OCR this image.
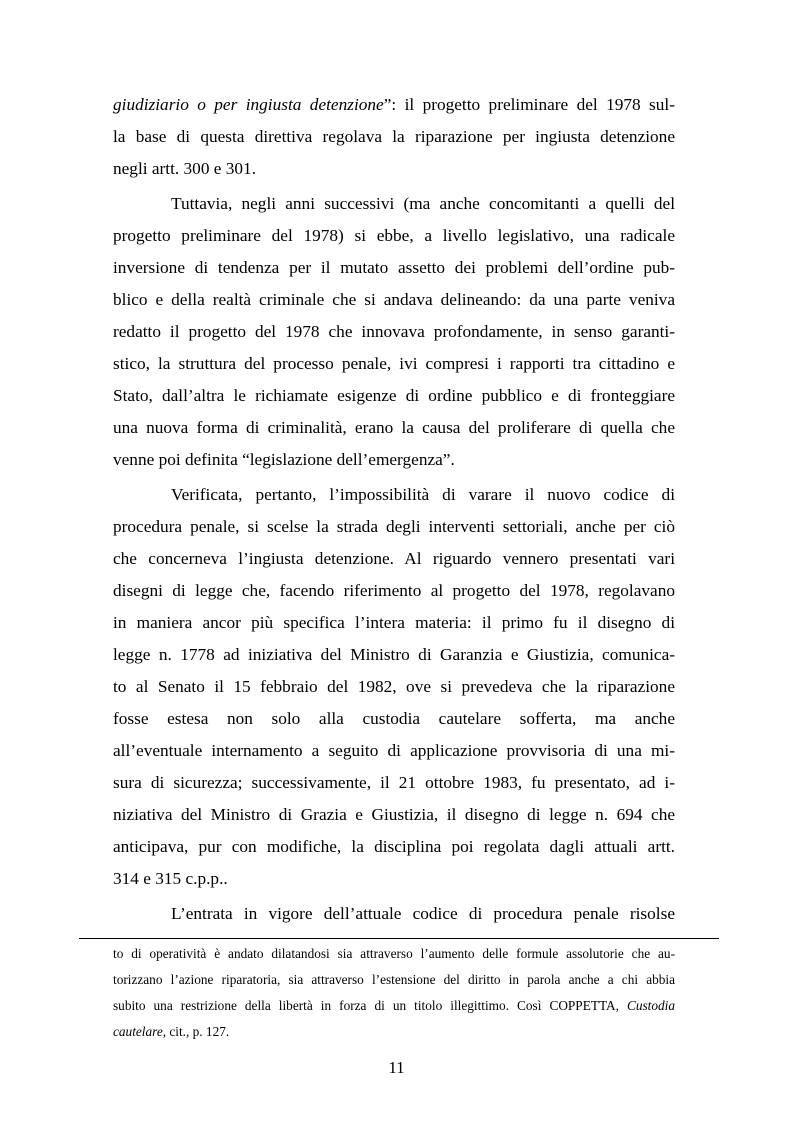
giudiziario o per ingiusta detenzione”: il progetto preliminare del 1978 sul-
la base di questa direttiva regolava la riparazione per ingiusta detenzione
negli artt. 300 e 301.
Tuttavia, negli anni successivi (ma anche concomitanti a quelli del
progetto preliminare del 1978) si ebbe, a livello legislativo, una radicale
inversione di tendenza per il mutato assetto dei problemi dell’ordine pub-
blico e della realtà criminale che si andava delineando: da una parte veniva
redatto il progetto del 1978 che innovava profondamente, in senso garanti-
stico, la struttura del processo penale, ivi compresi i rapporti tra cittadino e
Stato, dall’altra le richiamate esigenze di ordine pubblico e di fronteggiare
una nuova forma di criminalità, erano la causa del proliferare di quella che
venne poi definita “legislazione dell’emergenza”.
Verificata, pertanto, l’impossibilità di varare il nuovo codice di
procedura penale, si scelse la strada degli interventi settoriali, anche per ciò
che concerneva l’ingiusta detenzione. Al riguardo vennero presentati vari
disegni di legge che, facendo riferimento al progetto del 1978, regolavano
in maniera ancor più specifica l’intera materia: il primo fu il disegno di
legge n. 1778 ad iniziativa del Ministro di Garanzia e Giustizia, comunica-
to al Senato il 15 febbraio del 1982, ove si prevedeva che la riparazione
fosse estesa non solo alla custodia cautelare sofferta, ma anche
all’eventuale internamento a seguito di applicazione provvisoria di una mi-
sura di sicurezza; successivamente, il 21 ottobre 1983, fu presentato, ad i-
niziativa del Ministro di Grazia e Giustizia, il disegno di legge n. 694 che
anticipava, pur con modifiche, la disciplina poi regolata dagli attuali artt.
314 e 315 c.p.p..
L’entrata in vigore dell’attuale codice di procedura penale risolse
to di operatività è andato dilatandosi sia attraverso l’aumento delle formule assolutorie che au-
torizzano l’azione riparatoria, sia attraverso l’estensione del diritto in parola anche a chi abbia
subito una restrizione della libertà in forza di un titolo illegittimo. Così COPPETTA, Custodia
cautelare, cit., p. 127.
11
